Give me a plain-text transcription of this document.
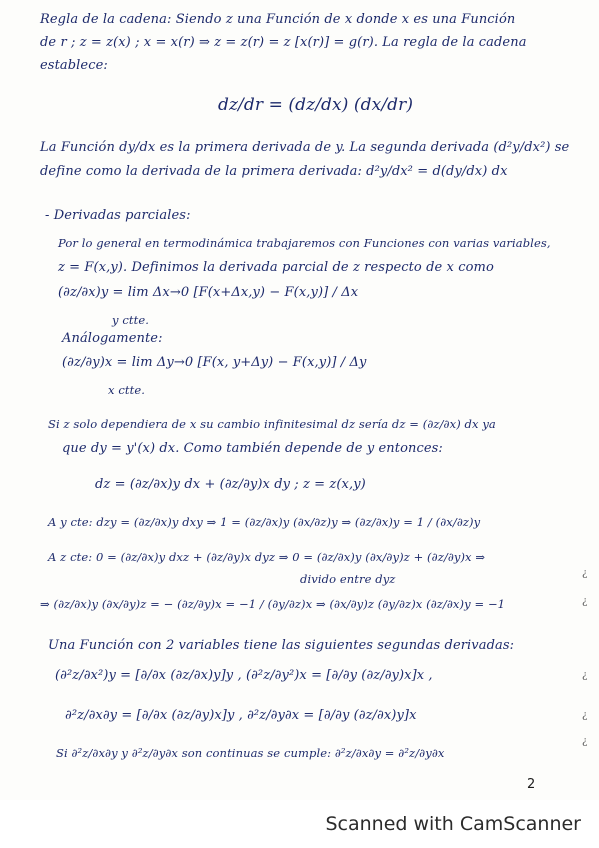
Regla de la cadena: Siendo z una Función de x donde x es una Función
de r ; z = z(x) ; x = x(r) ⇒ z = z(r) = z [x(r)] = g(r). La regla de la cadena
establece:
dz/dr = (dz/dx) (dx/dr)
La Función dy/dx es la primera derivada de y. La segunda derivada (d²y/dx²) se
define como la derivada de la primera derivada: d²y/dx² = d(dy/dx) dx
- Derivadas parciales:
Por lo general en termodinámica trabajaremos con Funciones con varias variables,
z = F(x,y). Definimos la derivada parcial de z respecto de x como
(∂z/∂x)y = lim Δx→0 [F(x+Δx,y) − F(x,y)] / Δx
y ctte.
Análogamente:
(∂z/∂y)x = lim Δy→0 [F(x, y+Δy) − F(x,y)] / Δy
x ctte.
Si z solo dependiera de x su cambio infinitesimal dz sería dz = (∂z/∂x) dx ya
que dy = y'(x) dx. Como también depende de y entonces:
dz = (∂z/∂x)y dx + (∂z/∂y)x dy ; z = z(x,y)
A y cte: dzy = (∂z/∂x)y dxy ⇒ 1 = (∂z/∂x)y (∂x/∂z)y ⇒ (∂z/∂x)y = 1 / (∂x/∂z)y
A z cte: 0 = (∂z/∂x)y dxz + (∂z/∂y)x dyz ⇒ 0 = (∂z/∂x)y (∂x/∂y)z + (∂z/∂y)x ⇒
divido entre dyz
⇒ (∂z/∂x)y (∂x/∂y)z = − (∂z/∂y)x = −1 / (∂y/∂z)x ⇒ (∂x/∂y)z (∂y/∂z)x (∂z/∂x)y = −1
Una Función con 2 variables tiene las siguientes segundas derivadas:
(∂²z/∂x²)y = [∂/∂x (∂z/∂x)y]y , (∂²z/∂y²)x = [∂/∂y (∂z/∂y)x]x ,
∂²z/∂x∂y = [∂/∂x (∂z/∂y)x]y , ∂²z/∂y∂x = [∂/∂y (∂z/∂x)y]x
Si ∂²z/∂x∂y y ∂²z/∂y∂x son continuas se cumple: ∂²z/∂x∂y = ∂²z/∂y∂x
¿
¿
¿
¿
¿
2
Scanned with CamScanner
